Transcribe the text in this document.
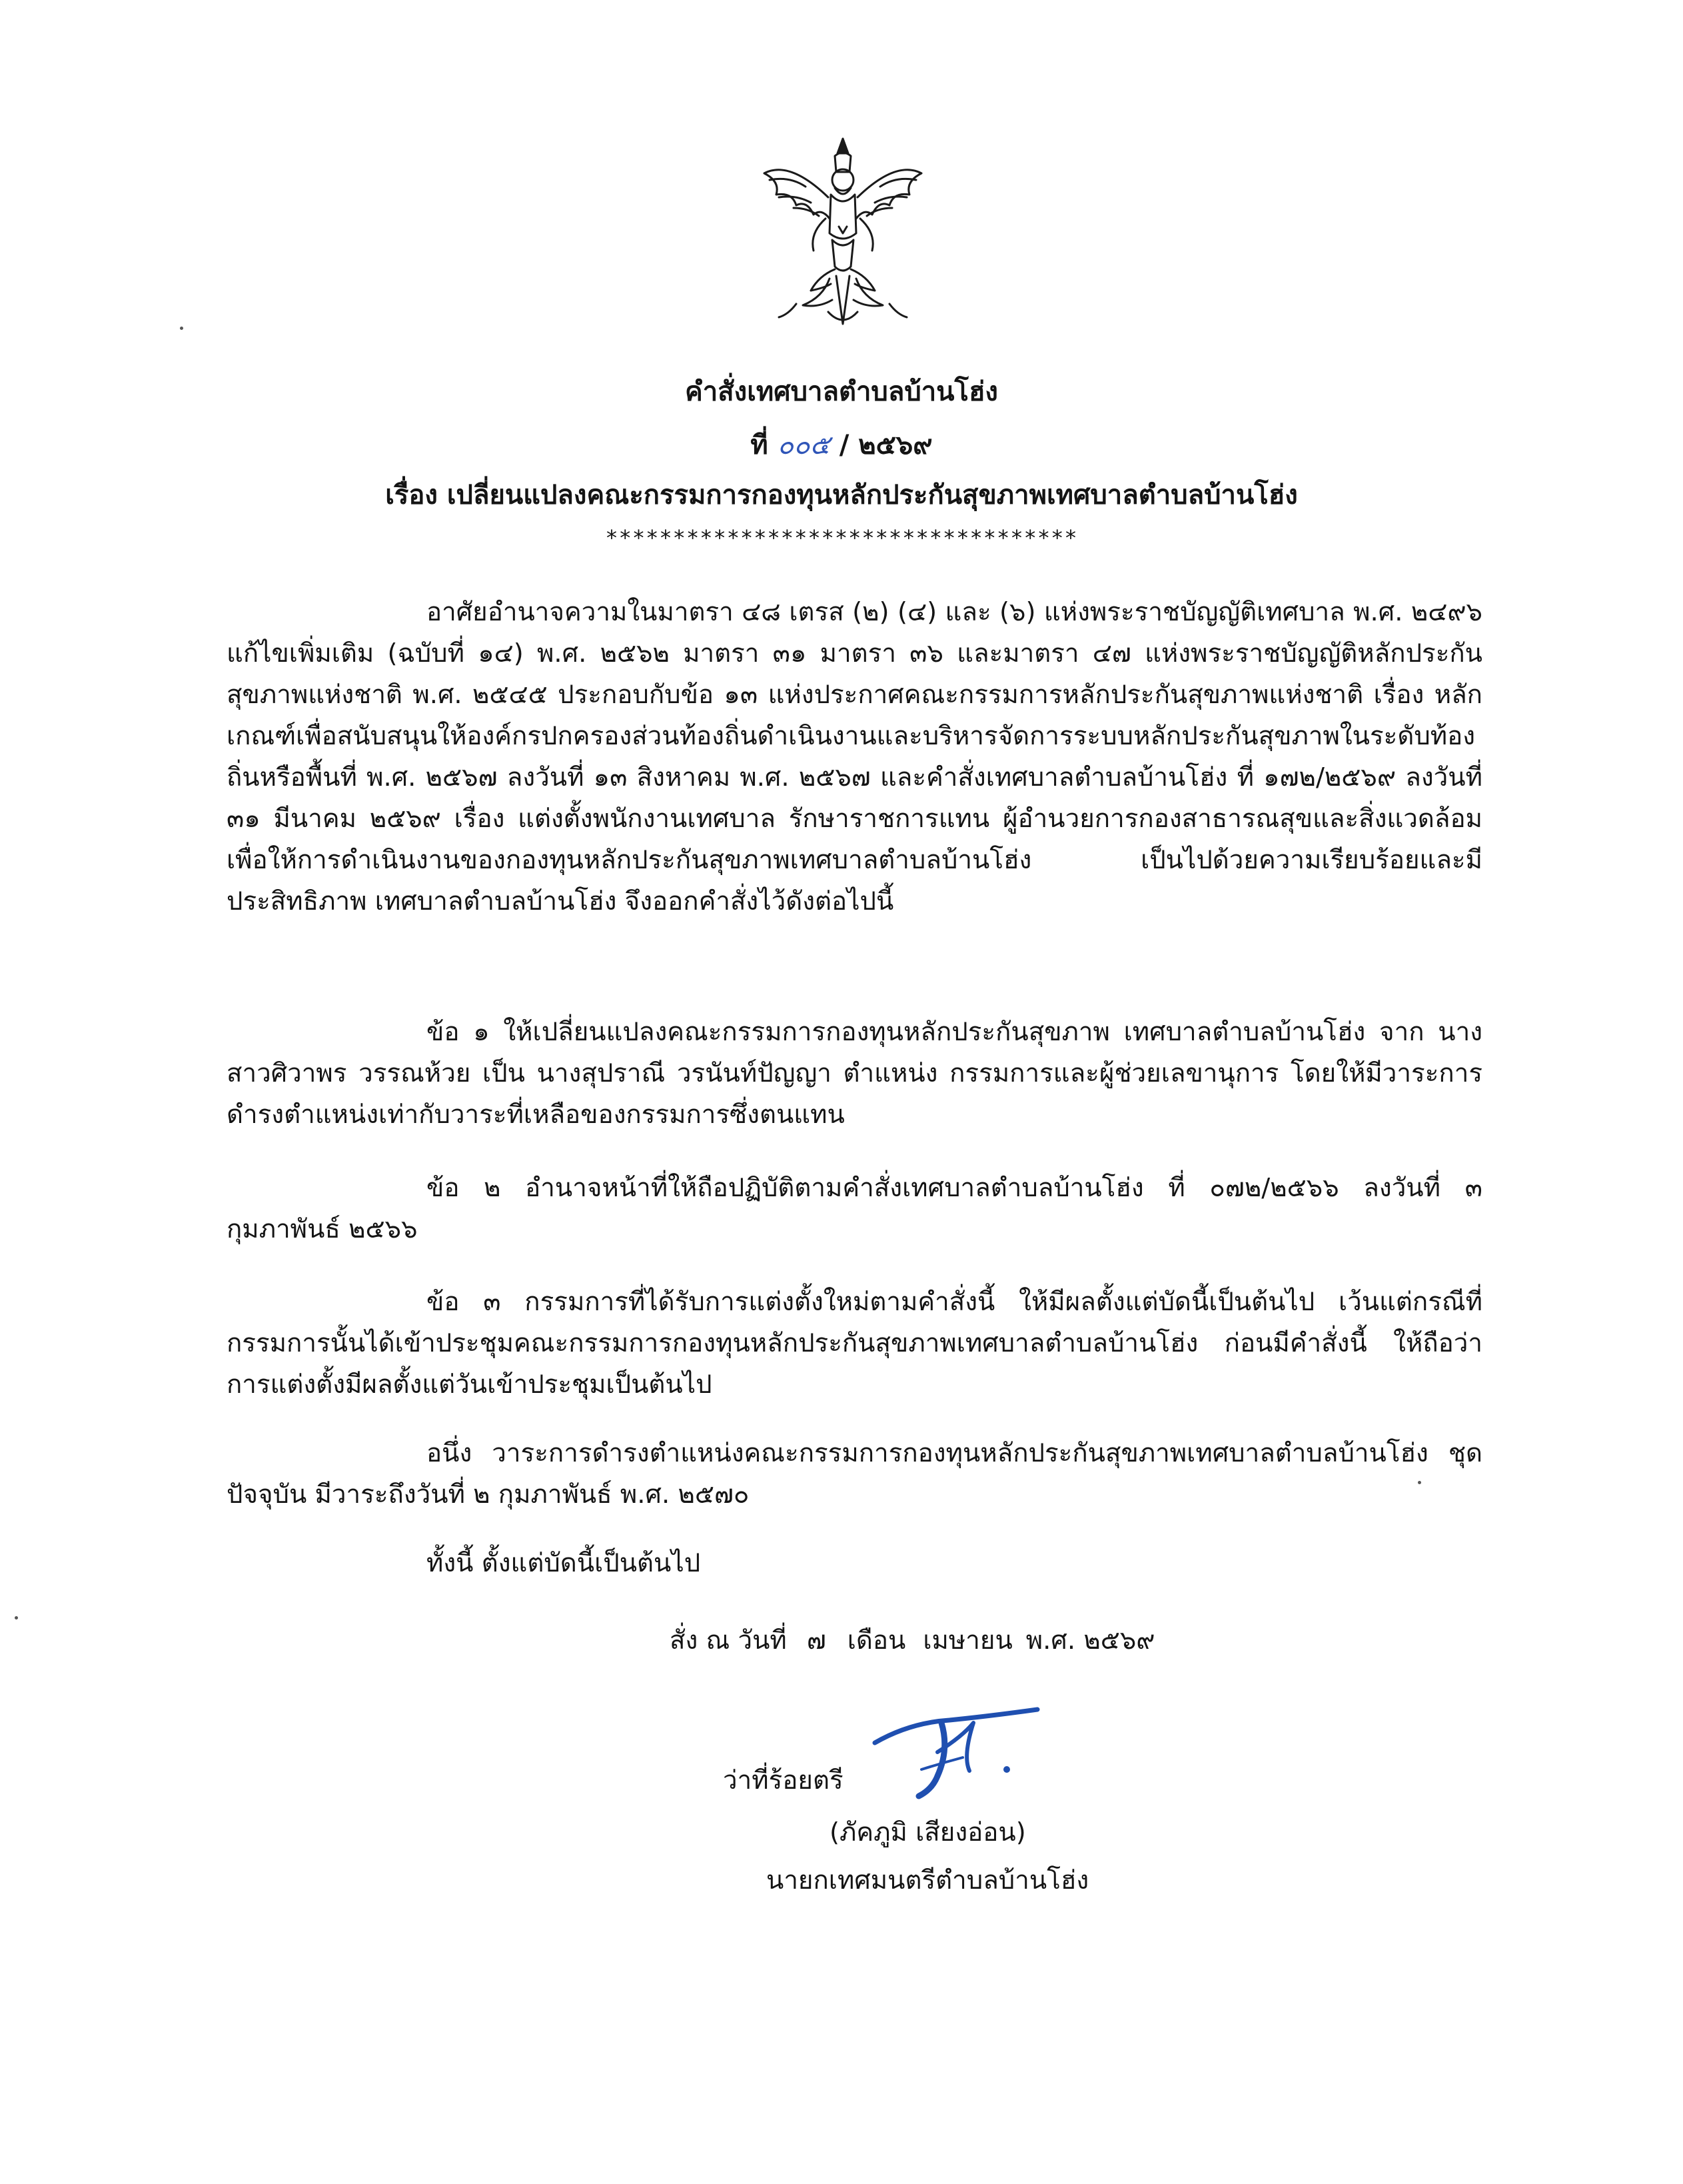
คำสั่งเทศบาลตำบลบ้านโฮ่ง
ที่ ๐๐๕ / ๒๕๖๙
เรื่อง เปลี่ยนแปลงคณะกรรมการกองทุนหลักประกันสุขภาพเทศบาลตำบลบ้านโฮ่ง
***********************************

อาศัยอำนาจความในมาตรา ๔๘ เตรส (๒) (๔) และ (๖) แห่งพระราชบัญญัติเทศบาล พ.ศ. ๒๔๙๖ แก้ไขเพิ่มเติม (ฉบับที่ ๑๔) พ.ศ. ๒๕๖๒ มาตรา ๓๑ มาตรา ๓๖ และมาตรา ๔๗ แห่งพระราชบัญญัติหลักประกันสุขภาพแห่งชาติ พ.ศ. ๒๕๔๕ ประกอบกับข้อ ๑๓ แห่งประกาศคณะกรรมการหลักประกันสุขภาพแห่งชาติ เรื่อง หลักเกณฑ์เพื่อสนับสนุนให้องค์กรปกครองส่วนท้องถิ่นดำเนินงานและบริหารจัดการระบบหลักประกันสุขภาพในระดับท้องถิ่นหรือพื้นที่ พ.ศ. ๒๕๖๗ ลงวันที่ ๑๓ สิงหาคม พ.ศ. ๒๕๖๗ และคำสั่งเทศบาลตำบลบ้านโฮ่ง ที่ ๑๗๒/๒๕๖๙ ลงวันที่ ๓๑ มีนาคม ๒๕๖๙ เรื่อง แต่งตั้งพนักงานเทศบาล รักษาราชการแทน ผู้อำนวยการกองสาธารณสุขและสิ่งแวดล้อม เพื่อให้การดำเนินงานของกองทุนหลักประกันสุขภาพเทศบาลตำบลบ้านโฮ่ง เป็นไปด้วยความเรียบร้อยและมีประสิทธิภาพ เทศบาลตำบลบ้านโฮ่ง จึงออกคำสั่งไว้ดังต่อไปนี้

ข้อ ๑ ให้เปลี่ยนแปลงคณะกรรมการกองทุนหลักประกันสุขภาพ เทศบาลตำบลบ้านโฮ่ง จาก นางสาวศิวาพร วรรณห้วย เป็น นางสุปราณี วรนันท์ปัญญา ตำแหน่ง กรรมการและผู้ช่วยเลขานุการ โดยให้มีวาระการดำรงตำแหน่งเท่ากับวาระที่เหลือของกรรมการซึ่งตนแทน

ข้อ ๒ อำนาจหน้าที่ให้ถือปฏิบัติตามคำสั่งเทศบาลตำบลบ้านโฮ่ง ที่ ๐๗๒/๒๕๖๖ ลงวันที่ ๓ กุมภาพันธ์ ๒๕๖๖

ข้อ ๓ กรรมการที่ได้รับการแต่งตั้งใหม่ตามคำสั่งนี้ ให้มีผลตั้งแต่บัดนี้เป็นต้นไป เว้นแต่กรณีที่กรรมการนั้นได้เข้าประชุมคณะกรรมการกองทุนหลักประกันสุขภาพเทศบาลตำบลบ้านโฮ่ง ก่อนมีคำสั่งนี้ ให้ถือว่าการแต่งตั้งมีผลตั้งแต่วันเข้าประชุมเป็นต้นไป

อนึ่ง วาระการดำรงตำแหน่งคณะกรรมการกองทุนหลักประกันสุขภาพเทศบาลตำบลบ้านโฮ่ง ชุดปัจจุบัน มีวาระถึงวันที่ ๒ กุมภาพันธ์ พ.ศ. ๒๕๗๐

ทั้งนี้ ตั้งแต่บัดนี้เป็นต้นไป

สั่ง ณ วันที่ ๗ เดือน เมษายน พ.ศ. ๒๕๖๙
ว่าที่ร้อยตรี
(ภัคภูมิ เสียงอ่อน)
นายกเทศมนตรีตำบลบ้านโฮ่ง
